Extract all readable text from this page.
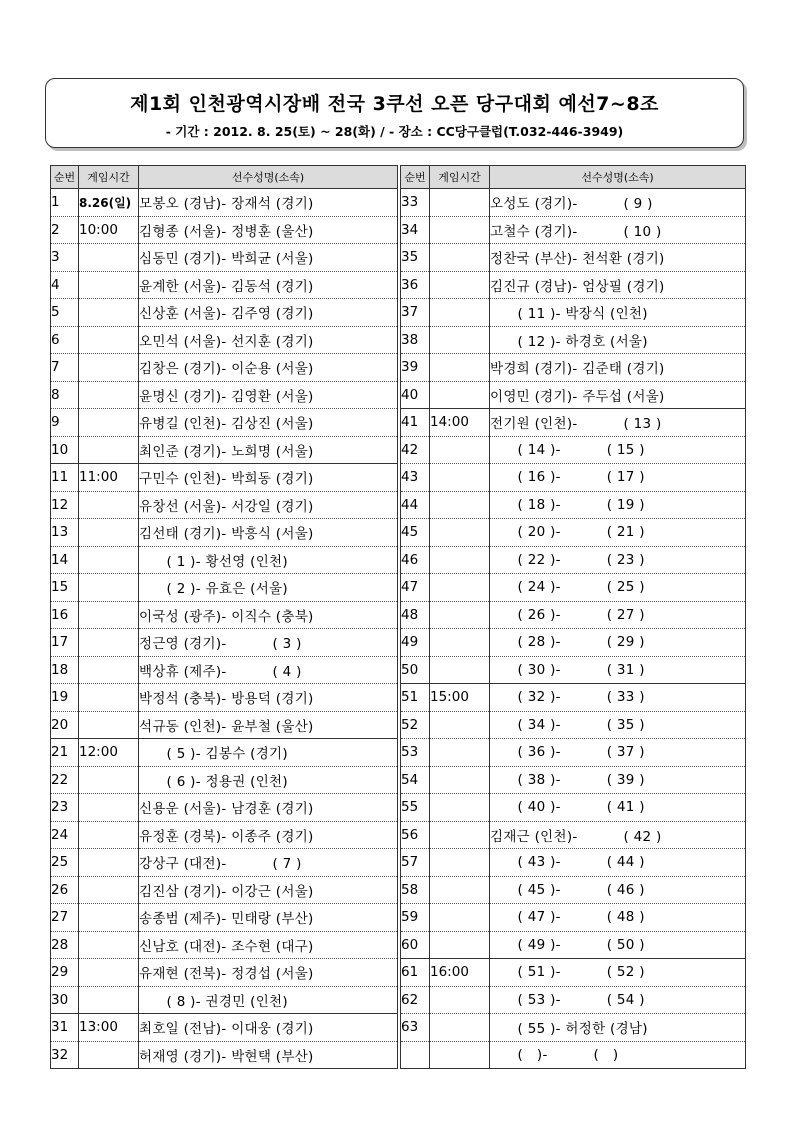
제1회 인천광역시장배 전국 3쿠선 오픈 당구대회 예선7~8조
- 기간 : 2012. 8. 25(토) ~ 28(화) / - 장소 : CC당구클럽(T.032-446-3949)
순번	게임시간	선수성명(소속)
1	8.26(일)	모봉오 (경남)- 장재석 (경기)
2	10:00	김형종 (서울)- 정병훈 (울산)
3		심동민 (경기)- 박희균 (서울)
4		윤계한 (서울)- 김동석 (경기)
5		신상훈 (서울)- 김주영 (경기)
6		오민석 (서울)- 선지훈 (경기)
7		김창은 (경기)- 이순용 (서울)
8		윤명신 (경기)- 김영환 (서울)
9		유병길 (인천)- 김상진 (서울)
10		최인준 (경기)- 노희명 (서울)
11	11:00	구민수 (인천)- 박희동 (경기)
12		유창선 (서울)- 서강일 (경기)
13		김선태 (경기)- 박흥식 (서울)
14		( 1 )- 황선영 (인천)
15		( 2 )- 유효은 (서울)
16		이국성 (광주)- 이직수 (충북)
17		정근영 (경기)-          ( 3 )
18		백상휴 (제주)-          ( 4 )
19		박정석 (충북)- 방용덕 (경기)
20		석규동 (인천)- 윤부철 (울산)
21	12:00	( 5 )- 김봉수 (경기)
22		( 6 )- 정용권 (인천)
23		신용운 (서울)- 남경훈 (경기)
24		유정훈 (경북)- 이종주 (경기)
25		강상구 (대전)-          ( 7 )
26		김진삼 (경기)- 이강근 (서울)
27		송종범 (제주)- 민태랑 (부산)
28		신남호 (대전)- 조수현 (대구)
29		유재현 (전북)- 정경섭 (서울)
30		( 8 )- 권경민 (인천)
31	13:00	최호일 (전남)- 이대웅 (경기)
32		허재영 (경기)- 박현택 (부산)
순번	게임시간	선수성명(소속)
33		오성도 (경기)-          ( 9 )
34		고철수 (경기)-          ( 10 )
35		정찬국 (부산)- 천석환 (경기)
36		김진규 (경남)- 엄상필 (경기)
37		( 11 )- 박장식 (인천)
38		( 12 )- 하경호 (서울)
39		박경희 (경기)- 김준태 (경기)
40		이영민 (경기)- 주두섭 (서울)
41	14:00	전기원 (인천)-          ( 13 )
42		( 14 )-          ( 15 )
43		( 16 )-          ( 17 )
44		( 18 )-          ( 19 )
45		( 20 )-          ( 21 )
46		( 22 )-          ( 23 )
47		( 24 )-          ( 25 )
48		( 26 )-          ( 27 )
49		( 28 )-          ( 29 )
50		( 30 )-          ( 31 )
51	15:00	( 32 )-          ( 33 )
52		( 34 )-          ( 35 )
53		( 36 )-          ( 37 )
54		( 38 )-          ( 39 )
55		( 40 )-          ( 41 )
56		김재근 (인천)-          ( 42 )
57		( 43 )-          ( 44 )
58		( 45 )-          ( 46 )
59		( 47 )-          ( 48 )
60		( 49 )-          ( 50 )
61	16:00	( 51 )-          ( 52 )
62		( 53 )-          ( 54 )
63		( 55 )- 허정한 (경남)
		(   )-          (   )
